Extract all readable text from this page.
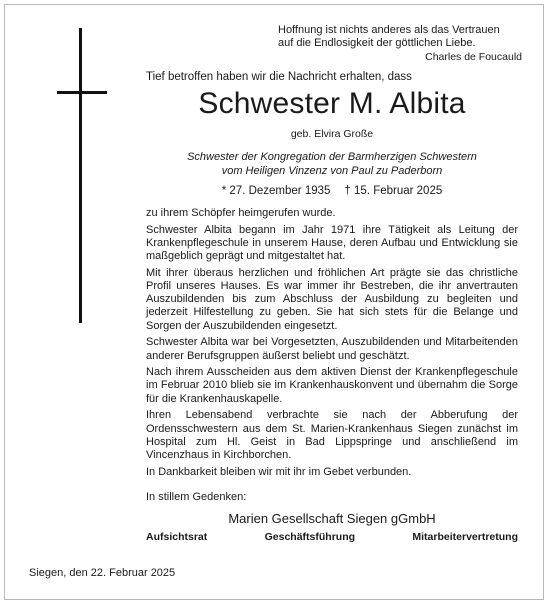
Hoffnung ist nichts anderes als das Vertrauen
auf die Endlosigkeit der göttlichen Liebe.
Charles de Foucauld
Tief betroffen haben wir die Nachricht erhalten, dass
Schwester M. Albita
geb. Elvira Große
Schwester der Kongregation der Barmherzigen Schwestern
vom Heiligen Vinzenz von Paul zu Paderborn
* 27. Dezember 1935 † 15. Februar 2025

zu ihrem Schöpfer heimgerufen wurde.

Schwester Albita begann im Jahr 1971 ihre Tätigkeit als Leitung der Krankenpflegeschule in unserem Hause, deren Aufbau und Entwicklung sie maßgeblich geprägt und mitgestaltet hat.

Mit ihrer überaus herzlichen und fröhlichen Art prägte sie das christliche Profil unseres Hauses. Es war immer ihr Bestreben, die ihr anvertrauten Auszubildenden bis zum Abschluss der Ausbildung zu begleiten und jederzeit Hilfestellung zu geben. Sie hat sich stets für die Belange und Sorgen der Auszubildenden eingesetzt.

Schwester Albita war bei Vorgesetzten, Auszubildenden und Mitarbeitenden anderer Berufsgruppen äußerst beliebt und geschätzt.

Nach ihrem Ausscheiden aus dem aktiven Dienst der Krankenpflegeschule im Februar 2010 blieb sie im Krankenhauskonvent und übernahm die Sorge für die Krankenhauskapelle.

Ihren Lebensabend verbrachte sie nach der Abberufung der Ordensschwestern aus dem St. Marien-Krankenhaus Siegen zunächst im Hospital zum Hl. Geist in Bad Lippspringe und anschließend im Vincenzhaus in Kirchborchen.

In Dankbarkeit bleiben wir mit ihr im Gebet verbunden.

In stillem Gedenken:
Marien Gesellschaft Siegen gGmbH
Aufsichtsrat	Geschäftsführung	Mitarbeitervertretung
Siegen, den 22. Februar 2025
